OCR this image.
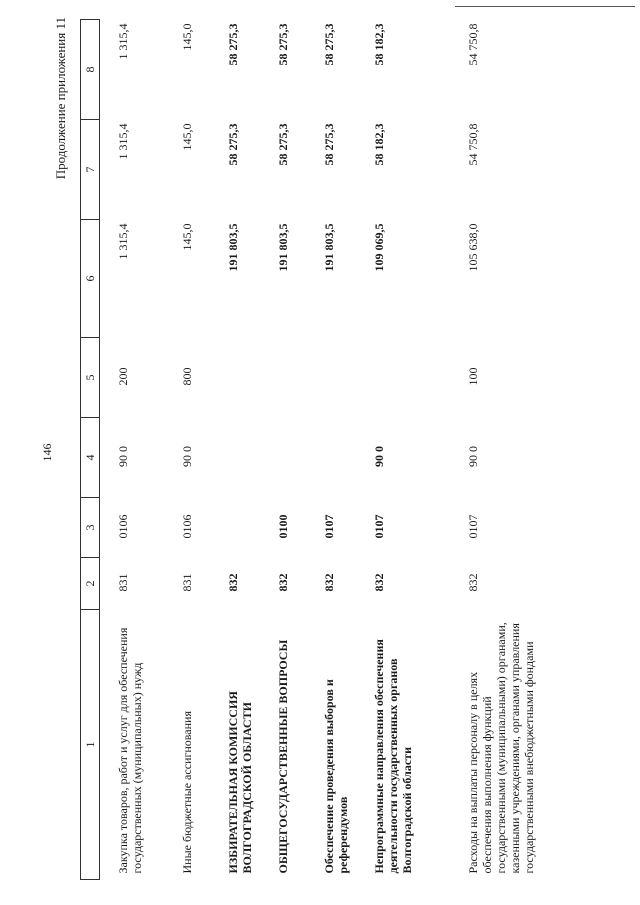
146
Продолжение приложения 11
1	2	3	4	5	6	7	8

Закупка товаров, работ и услуг для обеспечения государственных (муниципальных) нужд	831	0106	90 0	200	1 315,4	1 315,4	1 315,4
Иные бюджетные ассигнования	831	0106	90 0	800	145,0	145,0	145,0
ИЗБИРАТЕЛЬНАЯ КОМИССИЯ ВОЛГОГРАДСКОЙ ОБЛАСТИ	832				191 803,5	58 275,3	58 275,3
ОБЩЕГОСУДАРСТВЕННЫЕ ВОПРОСЫ	832	0100			191 803,5	58 275,3	58 275,3
Обеспечение проведения выборов и референдумов	832	0107			191 803,5	58 275,3	58 275,3
Непрограммные направления обеспечения деятельности государственных органов Волгоградской области	832	0107	90 0		109 069,5	58 182,3	58 182,3
Расходы на выплаты персоналу в целях обеспечения выполнения функций государственными (муниципальными) органами, казенными учреждениями, органами управления государственными внебюджетными фондами	832	0107	90 0	100	105 638,0	54 750,8	54 750,8
